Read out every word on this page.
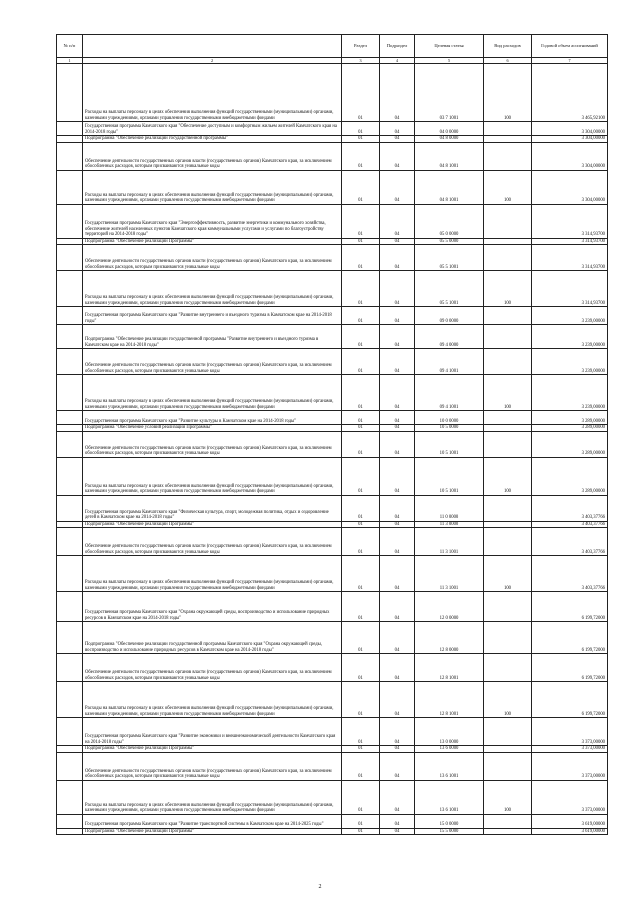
№ п/п		Раздел	Подраздел	Целевая статья	Вид расходов	Годовой объем ассигнований
1	2	3	4	5	6	7
	Расходы на выплаты персоналу в целях обеспечения выполнения функций государственными (муниципальными) органами, казенными учреждениями, органами управления государственными внебюджетными фондами	01	04	03 7 1001	100	3 465,92100
	Государственная программа Камчатского края "Обеспечение доступным и комфортным жильем жителей Камчатского края на 2014-2018 годы"	01	04	04 0 0000		3 304,00000
	Подпрограмма "Обеспечение реализации государственной программы"	01	04	04 8 0000		3 304,00000
	Обеспечение деятельности государственных органов власти (государственных органов) Камчатского края, за исключением обособленных расходов, которым присваиваются уникальные коды	01	04	04 8 1001		3 304,00000
	Расходы на выплаты персоналу в целях обеспечения выполнения функций государственными (муниципальными) органами, казенными учреждениями, органами управления государственными внебюджетными фондами	01	04	04 8 1001	100	3 304,00000
	Государственная программа Камчатского края "Энергоэффективность, развитие энергетики и коммунального хозяйства, обеспечение жителей населенных пунктов Камчатского края коммунальными услугами и услугами по благоустройству территорий на 2014-2018 годы"	01	04	05 0 0000		3 314,93700
	Подпрограмма "Обеспечение реализации Программы"	01	04	05 5 0000		3 314,93700
	Обеспечение деятельности государственных органов власти (государственных органов) Камчатского края, за исключением обособленных расходов, которым присваиваются уникальные коды	01	04	05 5 1001		3 314,93700
	Расходы на выплаты персоналу в целях обеспечения выполнения функций государственными (муниципальными) органами, казенными учреждениями, органами управления государственными внебюджетными фондами	01	04	05 5 1001	100	3 314,93700
	Государственная программа Камчатского края "Развитие внутреннего и въездного туризма в Камчатском крае на 2014-2018 годы"	01	04	09 0 0000		3 239,00000
	Подпрограмма "Обеспечение реализации государственной программы "Развитие внутреннего и въездного туризма в Камчатском крае на 2014-2018 годы"	01	04	09 4 0000		3 239,00000
	Обеспечение деятельности государственных органов власти (государственных органов) Камчатского края, за исключением обособленных расходов, которым присваиваются уникальные коды	01	04	09 4 1001		3 239,00000
	Расходы на выплаты персоналу в целях обеспечения выполнения функций государственными (муниципальными) органами, казенными учреждениями, органами управления государственными внебюджетными фондами	01	04	09 4 1001	100	3 239,00000
	Государственная программа Камчатского края "Развитие культуры в Камчатском крае на 2014-2018 годы"	01	04	10 0 0000		3 289,00000
	Подпрограмма "Обеспечение условий реализации Программы"	01	04	10 5 0000		3 289,00000
	Обеспечение деятельности государственных органов власти (государственных органов) Камчатского края, за исключением обособленных расходов, которым присваиваются уникальные коды	01	04	10 5 1001		3 289,00000
	Расходы на выплаты персоналу в целях обеспечения выполнения функций государственными (муниципальными) органами, казенными учреждениями, органами управления государственными внебюджетными фондами	01	04	10 5 1001	100	3 289,00000
	Государственная программа Камчатского края "Физическая культура, спорт, молодежная политика, отдых и оздоровление детей в Камчатском крае на 2014-2018 годы"	01	04	11 0 0000		3 403,37766
	Подпрограмма "Обеспечение реализации Программы"	01	04	11 3 0000		3 403,37766
	Обеспечение деятельности государственных органов власти (государственных органов) Камчатского края, за исключением обособленных расходов, которым присваиваются уникальные коды	01	04	11 3 1001		3 403,37766
	Расходы на выплаты персоналу в целях обеспечения выполнения функций государственными (муниципальными) органами, казенными учреждениями, органами управления государственными внебюджетными фондами	01	04	11 3 1001	100	3 403,37766
	Государственная программа Камчатского края "Охрана окружающей среды, воспроизводство и использование природных ресурсов в Камчатском крае на 2014-2018 годы"	01	04	12 0 0000		6 199,72000
	Подпрограмма "Обеспечение реализации государственной программы Камчатского края "Охрана окружающей среды, воспроизводство и использование природных ресурсов в Камчатском крае на 2014-2018 годы"	01	04	12 8 0000		6 199,72000
	Обеспечение деятельности государственных органов власти (государственных органов) Камчатского края, за исключением обособленных расходов, которым присваиваются уникальные коды	01	04	12 8 1001		6 199,72000
	Расходы на выплаты персоналу в целях обеспечения выполнения функций государственными (муниципальными) органами, казенными учреждениями, органами управления государственными внебюджетными фондами	01	04	12 8 1001	100	6 199,72000
	Государственная программа Камчатского края "Развитие экономики и внешнеэкономической деятельности Камчатского края на 2014-2018 годы"	01	04	13 0 0000		3 373,00000
	Подпрограмма "Обеспечение реализации Программы"	01	04	13 6 0000		3 373,00000
	Обеспечение деятельности государственных органов власти (государственных органов) Камчатского края, за исключением обособленных расходов, которым присваиваются уникальные коды	01	04	13 6 1001		3 373,00000
	Расходы на выплаты персоналу в целях обеспечения выполнения функций государственными (муниципальными) органами, казенными учреждениями, органами управления государственными внебюджетными фондами	01	04	13 6 1001	100	3 373,00000
	Государственная программа Камчатского края "Развитие транспортной системы в Камчатском крае на 2014-2025 годы"	01	04	15 0 0000		3 619,00000
	Подпрограмма "Обеспечение реализации Программы"	01	04	15 5 0000		3 619,00000
2
